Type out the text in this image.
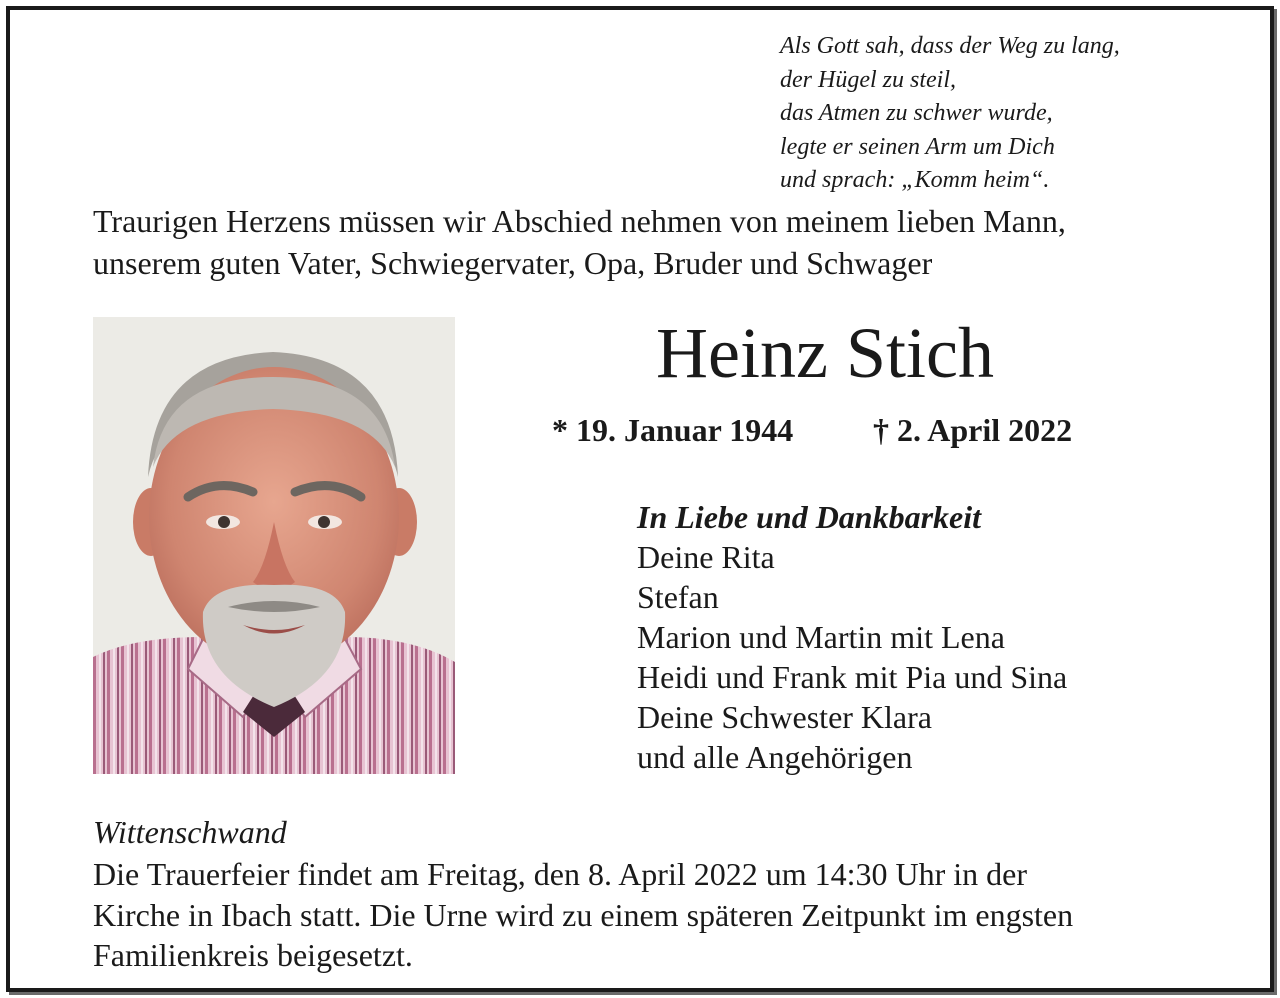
Als Gott sah, dass der Weg zu lang,
der Hügel zu steil,
das Atmen zu schwer wurde,
legte er seinen Arm um Dich
und sprach: „Komm heim“.
Traurigen Herzens müssen wir Abschied nehmen von meinem lieben Mann,
unserem guten Vater, Schwiegervater, Opa, Bruder und Schwager
Heinz Stich
* 19. Januar 1944 † 2. April 2022
In Liebe und Dankbarkeit
Deine Rita
Stefan
Marion und Martin mit Lena
Heidi und Frank mit Pia und Sina
Deine Schwester Klara
und alle Angehörigen
Wittenschwand
Die Trauerfeier findet am Freitag, den 8. April 2022 um 14:30 Uhr in der
Kirche in Ibach statt. Die Urne wird zu einem späteren Zeitpunkt im engsten
Familienkreis beigesetzt.
